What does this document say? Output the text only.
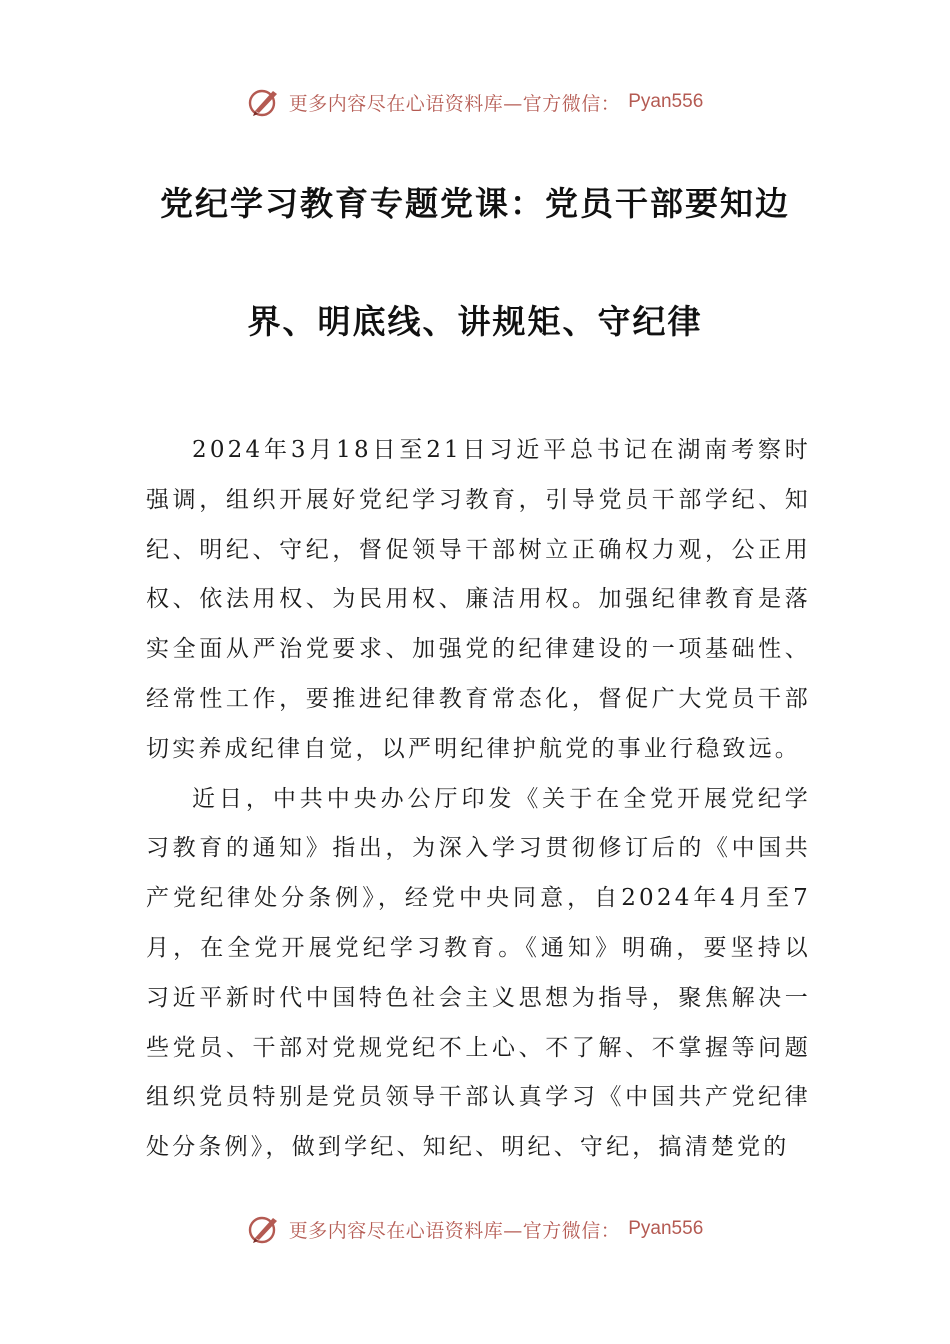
更多内容尽在心语资料库—官方微信： Pyan556
党纪学习教育专题党课：党员干部要知边
界、明底线、讲规矩、守纪律

2024年3月18日至21日习近平总书记在湖南考察时强调，组织开展好党纪学习教育，引导党员干部学纪、知纪、明纪、守纪，督促领导干部树立正确权力观，公正用权、依法用权、为民用权、廉洁用权。加强纪律教育是落实全面从严治党要求、加强党的纪律建设的一项基础性、经常性工作，要推进纪律教育常态化，督促广大党员干部切实养成纪律自觉，以严明纪律护航党的事业行稳致远。

近日，中共中央办公厅印发《关于在全党开展党纪学习教育的通知》指出，为深入学习贯彻修订后的《中国共产党纪律处分条例》，经党中央同意，自2024年4月至7月，在全党开展党纪学习教育。《通知》明确，要坚持以习近平新时代中国特色社会主义思想为指导，聚焦解决一些党员、干部对党规党纪不上心、不了解、不掌握等问题组织党员特别是党员领导干部认真学习《中国共产党纪律处分条例》，做到学纪、知纪、明纪、守纪，搞清楚党的

更多内容尽在心语资料库—官方微信： Pyan556
